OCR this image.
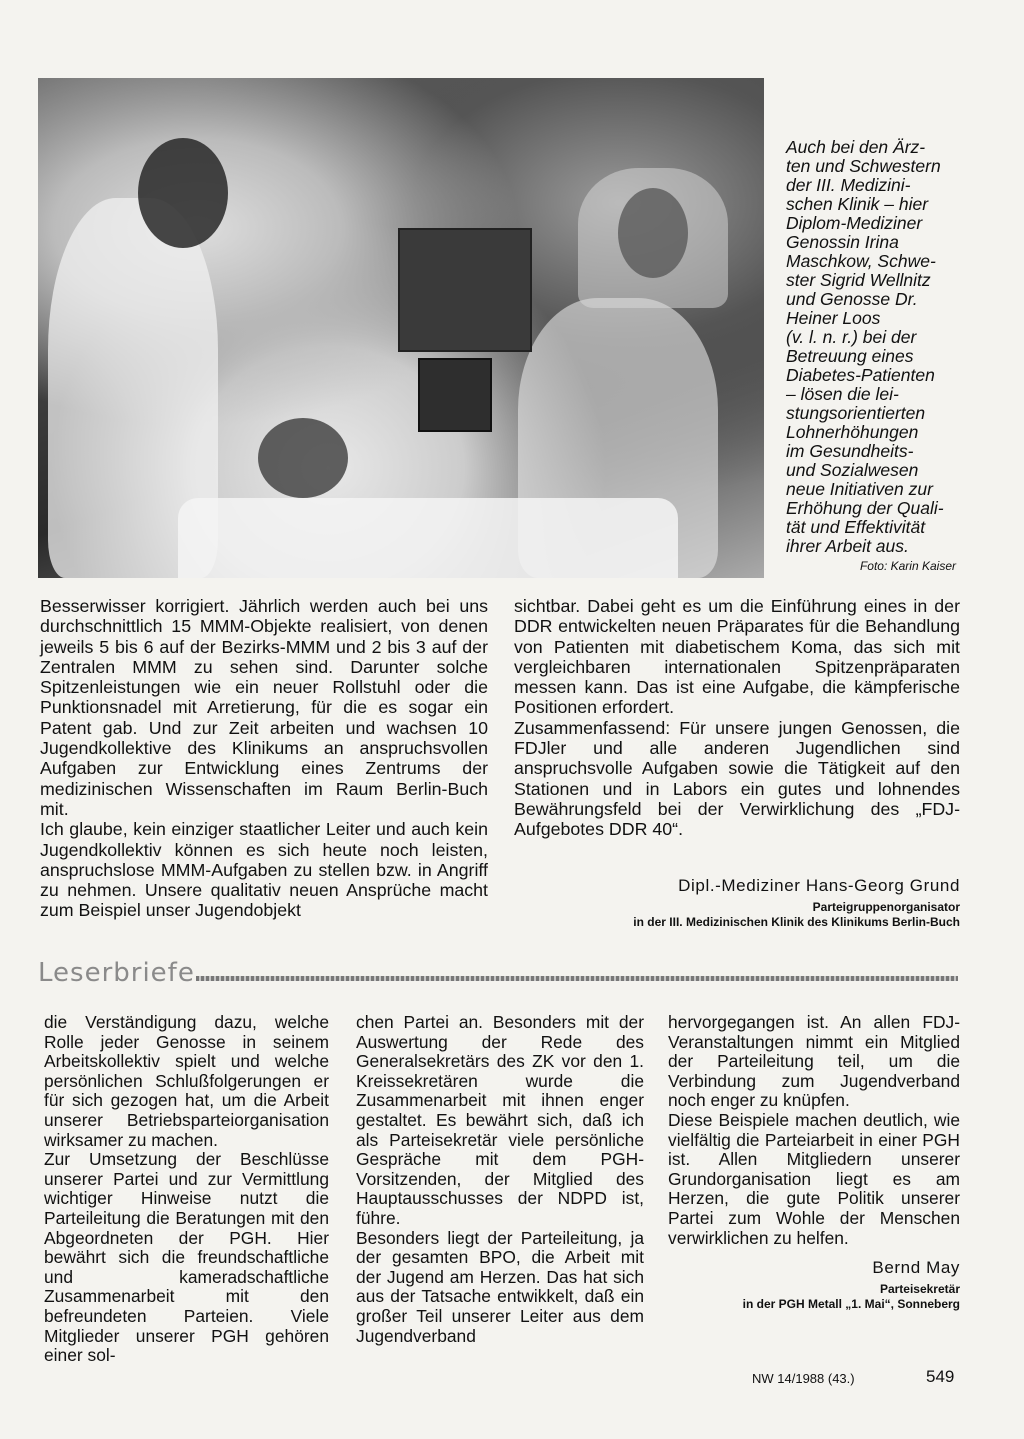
Auch bei den Ärz-
ten und Schwestern
der III. Medizini-
schen Klinik – hier
Diplom-Mediziner
Genossin Irina
Maschkow, Schwe-
ster Sigrid Wellnitz
und Genosse Dr.
Heiner Loos
(v. l. n. r.) bei der
Betreuung eines
Diabetes-Patienten
– lösen die lei-
stungsorientierten
Lohnerhöhungen
im Gesundheits-
und Sozialwesen
neue Initiativen zur
Erhöhung der Quali-
tät und Effektivität
ihrer Arbeit aus.

Foto: Karin Kaiser

Besserwisser korrigiert. Jährlich werden auch bei uns durchschnittlich 15 MMM-Objekte realisiert, von denen jeweils 5 bis 6 auf der Bezirks-MMM und 2 bis 3 auf der Zentralen MMM zu sehen sind. Darunter solche Spitzenleistungen wie ein neuer Rollstuhl oder die Punktionsnadel mit Arretierung, für die es sogar ein Patent gab. Und zur Zeit arbeiten und wachsen 10 Jugendkollektive des Klinikums an anspruchsvollen Aufgaben zur Entwicklung eines Zentrums der medizinischen Wissenschaften im Raum Berlin-Buch mit.

Ich glaube, kein einziger staatlicher Leiter und auch kein Jugendkollektiv können es sich heute noch leisten, anspruchslose MMM-Aufgaben zu stellen bzw. in Angriff zu nehmen. Unsere qualitativ neuen Ansprüche macht zum Beispiel unser Jugendobjekt

sichtbar. Dabei geht es um die Einführung eines in der DDR entwickelten neuen Präparates für die Behandlung von Patienten mit diabetischem Koma, das sich mit vergleichbaren internationalen Spitzenpräparaten messen kann. Das ist eine Aufgabe, die kämpferische Positionen erfordert.

Zusammenfassend: Für unsere jungen Genossen, die FDJler und alle anderen Jugendlichen sind anspruchsvolle Aufgaben sowie die Tätigkeit auf den Stationen und in Labors ein gutes und lohnendes Bewährungsfeld bei der Verwirklichung des „FDJ-Aufgebotes DDR 40“.

Dipl.-Mediziner Hans-Georg Grund
Parteigruppenorganisator
in der III. Medizinischen Klinik des Klinikums Berlin-Buch
Leserbriefe

die Verständigung dazu, welche Rolle jeder Genosse in seinem Arbeitskollektiv spielt und welche persönlichen Schlußfolgerungen er für sich gezogen hat, um die Arbeit unserer Betriebsparteiorganisation wirksamer zu machen.

Zur Umsetzung der Beschlüsse unserer Partei und zur Vermittlung wichtiger Hinweise nutzt die Parteileitung die Beratungen mit den Abgeordneten der PGH. Hier bewährt sich die freundschaftliche und kameradschaftliche Zusammenarbeit mit den befreundeten Parteien. Viele Mitglieder unserer PGH gehören einer sol-

chen Partei an. Besonders mit der Auswertung der Rede des Generalsekretärs des ZK vor den 1. Kreissekretären wurde die Zusammenarbeit mit ihnen enger gestaltet. Es bewährt sich, daß ich als Parteisekretär viele persönliche Gespräche mit dem PGH-Vorsitzenden, der Mitglied des Hauptausschusses der NDPD ist, führe.

Besonders liegt der Parteileitung, ja der gesamten BPO, die Arbeit mit der Jugend am Herzen. Das hat sich aus der Tatsache entwikkelt, daß ein großer Teil unserer Leiter aus dem Jugendverband

hervorgegangen ist. An allen FDJ-Veranstaltungen nimmt ein Mitglied der Parteileitung teil, um die Verbindung zum Jugendverband noch enger zu knüpfen.

Diese Beispiele machen deutlich, wie vielfältig die Parteiarbeit in einer PGH ist. Allen Mitgliedern unserer Grundorganisation liegt es am Herzen, die gute Politik unserer Partei zum Wohle der Menschen verwirklichen zu helfen.

Bernd May
Parteisekretär
in der PGH Metall „1. Mai“, Sonneberg
NW 14/1988 (43.)	549
